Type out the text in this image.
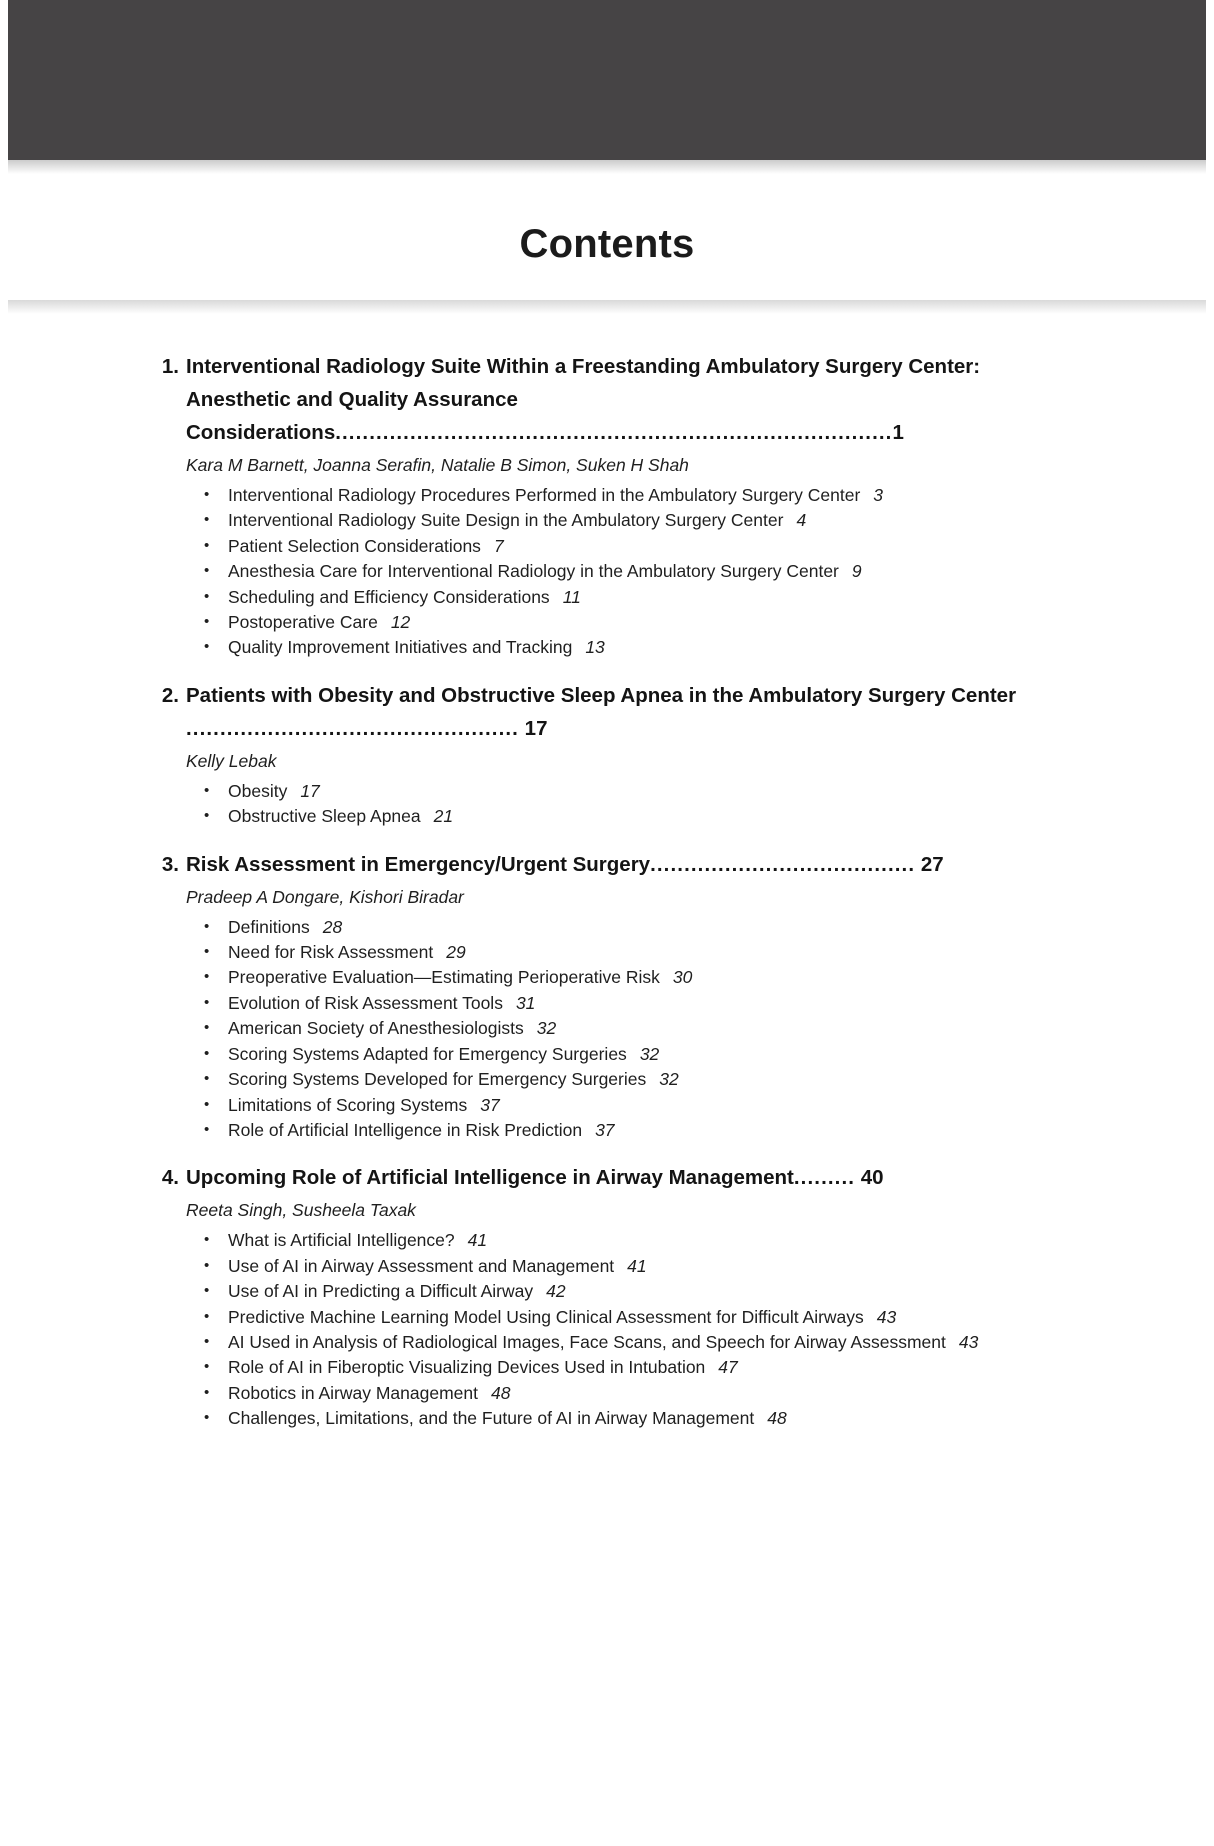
Contents
1. Interventional Radiology Suite Within a Freestanding Ambulatory Surgery Center: Anesthetic and Quality Assurance Considerations..................................................................................1
Kara M Barnett, Joanna Serafin, Natalie B Simon, Suken H Shah
• Interventional Radiology Procedures Performed in the Ambulatory Surgery Center 3
• Interventional Radiology Suite Design in the Ambulatory Surgery Center 4
• Patient Selection Considerations 7
• Anesthesia Care for Interventional Radiology in the Ambulatory Surgery Center 9
• Scheduling and Efficiency Considerations 11
• Postoperative Care 12
• Quality Improvement Initiatives and Tracking 13
2. Patients with Obesity and Obstructive Sleep Apnea in the Ambulatory Surgery Center ................................................. 17
Kelly Lebak
• Obesity 17
• Obstructive Sleep Apnea 21
3. Risk Assessment in Emergency/Urgent Surgery....................................... 27
Pradeep A Dongare, Kishori Biradar
• Definitions 28
• Need for Risk Assessment 29
• Preoperative Evaluation—Estimating Perioperative Risk 30
• Evolution of Risk Assessment Tools 31
• American Society of Anesthesiologists 32
• Scoring Systems Adapted for Emergency Surgeries 32
• Scoring Systems Developed for Emergency Surgeries 32
• Limitations of Scoring Systems 37
• Role of Artificial Intelligence in Risk Prediction 37
4. Upcoming Role of Artificial Intelligence in Airway Management......... 40
Reeta Singh, Susheela Taxak
• What is Artificial Intelligence? 41
• Use of AI in Airway Assessment and Management 41
• Use of AI in Predicting a Difficult Airway 42
• Predictive Machine Learning Model Using Clinical Assessment for Difficult Airways 43
• AI Used in Analysis of Radiological Images, Face Scans, and Speech for Airway Assessment 43
• Role of AI in Fiberoptic Visualizing Devices Used in Intubation 47
• Robotics in Airway Management 48
• Challenges, Limitations, and the Future of AI in Airway Management 48
